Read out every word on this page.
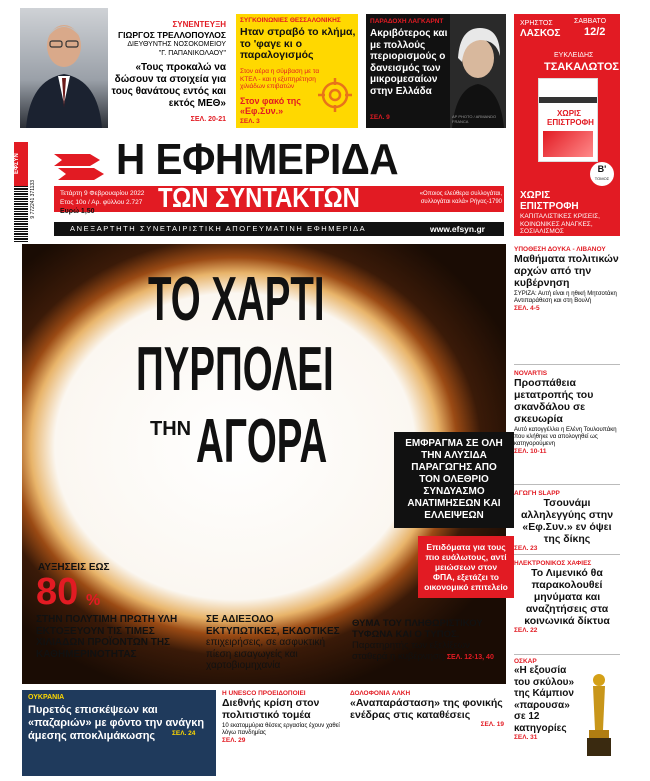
ΣΥΝΕΝΤΕΥΞΗ
ΓΙΩΡΓΟΣ ΤΡΕΛΛΟΠΟΥΛΟΣ
ΔΙΕΥΘΥΝΤΗΣ ΝΟΣΟΚΟΜΕΙΟΥ
"Γ. ΠΑΠΑΝΙΚΟΛΑΟΥ"
«Τους προκαλώ να δώσουν τα στοιχεία για τους θανάτους εντός και εκτός ΜΕΘ»
ΣΕΛ. 20-21
ΣΥΓΚΟΙΝΩΝΙΕΣ ΘΕΣΣΑΛΟΝΙΚΗΣ
Ηταν στραβό το κλήμα, το 'φαγε κι ο παραλογισμός
Στον αέρα η σύμβαση με τα ΚΤΕΛ - και η εξυπηρέτηση χιλιάδων επιβατών
Στον φακό της «Εφ.Συν.»
ΣΕΛ. 3
ΠΑΡΑΔΟΧΗ ΛΑΓΚΑΡΝΤ
Ακριβότερος και με πολλούς περιορισμούς ο δανεισμός των μικρομεσαίων στην Ελλάδα
ΣΕΛ. 9	AP PHOTO / ARMANDO FRANCA
ΧΡΗΣΤΟΣ
ΛΑΣΚΟΣ
ΣΑΒΒΑΤΟ
12/2
ΕΥΚΛΕΙΔΗΣ
ΤΣΑΚΑΛΩΤΟΣ
ΧΩΡΙΣ ΕΠΙΣΤΡΟΦΗ
Β'
ΤΟΜΟΣ
ΧΩΡΙΣ ΕΠΙΣΤΡΟΦΗ
ΚΑΠΙΤΑΛΙΣΤΙΚΕΣ ΚΡΙΣΕΙΣ, ΚΟΙΝΩΝΙΚΕΣ ΑΝΑΓΚΕΣ, ΣΟΣΙΑΛΙΣΜΟΣ
ΕΦΣΥΝ
9 772241 371133
Η ΕΦΗΜΕΡΙΔΑ
Τετάρτη 9 Φεβρουαρίου 2022
Ετος 10ο / Αρ. φύλλου 2.727
Ευρώ 1,50 ΤΩΝ ΣΥΝΤΑΚΤΩΝ	«Οποιος ελεύθερα συλλογάται, συλλογάται καλά» Ρήγας-1790
ΑΝΕΞΑΡΤΗΤΗ ΣΥΝΕΤΑΙΡΙΣΤΙΚΗ ΑΠΟΓΕΥΜΑΤΙΝΗ ΕΦΗΜΕΡΙΔΑ	www.efsyn.gr
ΤΟ ΧΑΡΤΙ
ΠΥΡΠΟΛΕΙ
ΤΗΝ ΑΓΟΡΑ	ΕΜΦΡΑΓΜΑ ΣΕ ΟΛΗ ΤΗΝ ΑΛΥΣΙΔΑ ΠΑΡΑΓΩΓΗΣ ΑΠΟ ΤΟΝ ΟΛΕΘΡΙΟ ΣΥΝΔΥΑΣΜΟ ΑΝΑΤΙΜΗΣΕΩΝ ΚΑΙ ΕΛΛΕΙΨΕΩΝ
Επιδόματα για τους πιο ευάλωτους, αντί μειώσεων στον ΦΠΑ, εξετάζει το οικονομικό επιτελείο
ΑΥΞΗΣΕΙΣ ΕΩΣ
80 %
ΣΤΗΝ ΠΟΛΥΤΙΜΗ ΠΡΩΤΗ ΥΛΗ ΕΚΤΟΞΕΥΟΥΝ ΤΙΣ ΤΙΜΕΣ ΧΙΛΙΑΔΩΝ ΠΡΟΪΟΝΤΩΝ ΤΗΣ ΚΑΘΗΜΕΡΙΝΟΤΗΤΑΣ
ΣΕ ΑΔΙΕΞΟΔΟ ΕΚΤΥΠΩΤΙΚΕΣ, ΕΚΔΟΤΙΚΕΣ επιχειρήσεις, σε ασφυκτική πίεση εισαγωγείς και χαρτοβιομηχανία
ΘΥΜΑ ΤΟΥ ΠΛΗΘΩΡΙΣΤΙΚΟΥ ΤΥΦΩΝΑ ΚΑΙ Ο ΤΥΠΟΣ. Παρατηρητής των εξελίξεων σταθερά η κυβέρνηση ΣΕΛ. 12-13, 40
ΥΠΟΘΕΣΗ ΔΟΥΚΑ - ΛΙΒΑΝΟΥ
Μαθήματα πολιτικών αρχών από την κυβέρνηση
ΣΥΡΙΖΑ: Αυτή είναι η ηθική Μητσοτάκη
Αντιπαράθεση και στη Βουλή
ΣΕΛ. 4-5
NOVARTIS
Προσπάθεια μετατροπής του σκανδάλου σε σκευωρία
Αυτό κατογγέλλει η Ελένη Τουλουπάκη που κλήθηκε να απολογηθεί ως κατηγορούμενη
ΣΕΛ. 10-11
ΑΓΩΓΗ SLAPP
Τσουνάμι αλληλεγγύης στην «Εφ.Συν.» εν όψει της δίκης
ΣΕΛ. 23
ΗΛΕΚΤΡΟΝΙΚΟΣ ΧΑΦΙΕΣ
Το Λιμενικό θα παρακολουθεί μηνύματα και αναζητήσεις στα κοινωνικά δίκτυα
ΣΕΛ. 22
ΟΣΚΑΡ
«Η εξουσία του σκύλου» της Κάμπιον «παρουσα» σε 12 κατηγορίες
ΣΕΛ. 31
ΟΥΚΡΑΝΙΑ
Πυρετός επισκέψεων και «παζαριών» με φόντο την ανάγκη άμεσης αποκλιμάκωσης	ΣΕΛ. 24
Η UNESCO ΠΡΟΕΙΔΟΠΟΙΕΙ
Διεθνής κρίση στον πολιτιστικό τομέα
10 εκατομμύρια θέσεις εργασίας έχουν χαθεί λόγω πανδημίας
ΣΕΛ. 29
ΔΟΛΟΦΟΝΙΑ ΑΛΚΗ
«Αναπαράσταση» της φονικής ενέδρας στις καταθέσεις
ΣΕΛ. 19
